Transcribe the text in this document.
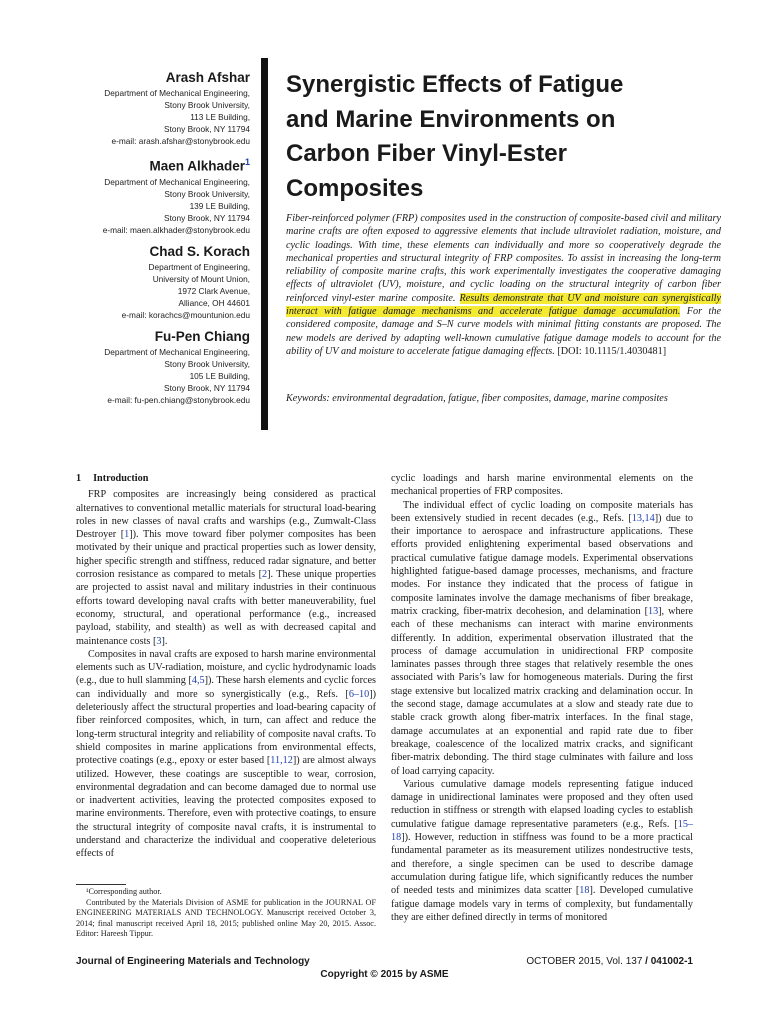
Arash Afshar
Department of Mechanical Engineering,
Stony Brook University,
113 LE Building,
Stony Brook, NY 11794
e-mail: arash.afshar@stonybrook.edu
Maen Alkhader$^1$
Department of Mechanical Engineering,
Stony Brook University,
139 LE Building,
Stony Brook, NY 11794
e-mail: maen.alkhader@stonybrook.edu
Chad S. Korach
Department of Engineering,
University of Mount Union,
1972 Clark Avenue,
Alliance, OH 44601
e-mail: korachcs@mountunion.edu
Fu-Pen Chiang
Department of Mechanical Engineering,
Stony Brook University,
105 LE Building,
Stony Brook, NY 11794
e-mail: fu-pen.chiang@stonybrook.edu
Synergistic Effects of Fatigue
and Marine Environments on
Carbon Fiber Vinyl-Ester
Composites
Fiber-reinforced polymer (FRP) composites used in the construction of composite-based civil and military marine crafts are often exposed to aggressive elements that include ultraviolet radiation, moisture, and cyclic loadings. With time, these elements can individually and more so cooperatively degrade the mechanical properties and structural integrity of FRP composites. To assist in increasing the long-term reliability of composite marine crafts, this work experimentally investigates the cooperative damaging effects of ultraviolet (UV), moisture, and cyclic loading on the structural integrity of carbon fiber reinforced vinyl-ester marine composite. Results demonstrate that UV and moisture can synergistically interact with fatigue damage mechanisms and accelerate fatigue damage accumulation. For the considered composite, damage and S–N curve models with minimal fitting constants are proposed. The new models are derived by adapting well-known cumulative fatigue damage models to account for the ability of UV and moisture to accelerate fatigue damaging effects. [DOI: 10.1115/1.4030481]
Keywords: environmental degradation, fatigue, fiber composites, damage, marine composites
1 Introduction

FRP composites are increasingly being considered as practical alternatives to conventional metallic materials for structural load-bearing roles in new classes of naval crafts and warships (e.g., Zumwalt-Class Destroyer [1]). This move toward fiber polymer composites has been motivated by their unique and practical properties such as lower density, higher specific strength and stiffness, reduced radar signature, and better corrosion resistance as compared to metals [2]. These unique properties are projected to assist naval and military industries in their continuous efforts toward developing naval crafts with better maneuverability, fuel economy, structural, and operational performance (e.g., increased payload, stability, and stealth) as well as with decreased capital and maintenance costs [3].

Composites in naval crafts are exposed to harsh marine environmental elements such as UV-radiation, moisture, and cyclic hydrodynamic loads (e.g., due to hull slamming [4,5]). These harsh elements and cyclic forces can individually and more so synergistically (e.g., Refs. [6–10]) deleteriously affect the structural properties and load-bearing capacity of fiber reinforced composites, which, in turn, can affect and reduce the long-term structural integrity and reliability of composite naval crafts. To shield composites in marine applications from environmental effects, protective coatings (e.g., epoxy or ester based [11,12]) are almost always utilized. However, these coatings are susceptible to wear, corrosion, environmental degradation and can become damaged due to normal use or inadvertent activities, leaving the protected composites exposed to marine environments. Therefore, even with protective coatings, to ensure the structural integrity of composite naval crafts, it is instrumental to understand and characterize the individual and cooperative deleterious effects of

cyclic loadings and harsh marine environmental elements on the mechanical properties of FRP composites.

The individual effect of cyclic loading on composite materials has been extensively studied in recent decades (e.g., Refs. [13,14]) due to their importance to aerospace and infrastructure applications. These efforts provided enlightening experimental based observations and practical cumulative fatigue damage models. Experimental observations highlighted fatigue-based damage processes, mechanisms, and fracture modes. For instance they indicated that the process of fatigue in composite laminates involve the damage mechanisms of fiber breakage, matrix cracking, fiber-matrix decohesion, and delamination [13], where each of these mechanisms can interact with marine environments differently. In addition, experimental observation illustrated that the process of damage accumulation in unidirectional FRP composite laminates passes through three stages that relatively resemble the ones associated with Paris’s law for homogeneous materials. During the first stage extensive but localized matrix cracking and delamination occur. In the second stage, damage accumulates at a slow and steady rate due to stable crack growth along fiber-matrix interfaces. In the final stage, damage accumulates at an exponential and rapid rate due to fiber breakage, coalescence of the localized matrix cracks, and significant fiber-matrix debonding. The third stage culminates with failure and loss of load carrying capacity.

Various cumulative damage models representing fatigue induced damage in unidirectional laminates were proposed and they often used reduction in stiffness or strength with elapsed loading cycles to establish cumulative fatigue damage representative parameters (e.g., Refs. [15–18]). However, reduction in stiffness was found to be a more practical fundamental parameter as its measurement utilizes nondestructive tests, and therefore, a single specimen can be used to describe damage accumulation during fatigue life, which significantly reduces the number of needed tests and minimizes data scatter [18]. Developed cumulative fatigue damage models vary in terms of complexity, but fundamentally they are either defined directly in terms of monitored

¹Corresponding author.

Contributed by the Materials Division of ASME for publication in the JOURNAL OF ENGINEERING MATERIALS AND TECHNOLOGY. Manuscript received October 3, 2014; final manuscript received April 18, 2015; published online May 20, 2015. Assoc. Editor: Hareesh Tippur.

Journal of Engineering Materials and Technology	OCTOBER 2015, Vol. 137 / 041002-1
Copyright © 2015 by ASME
